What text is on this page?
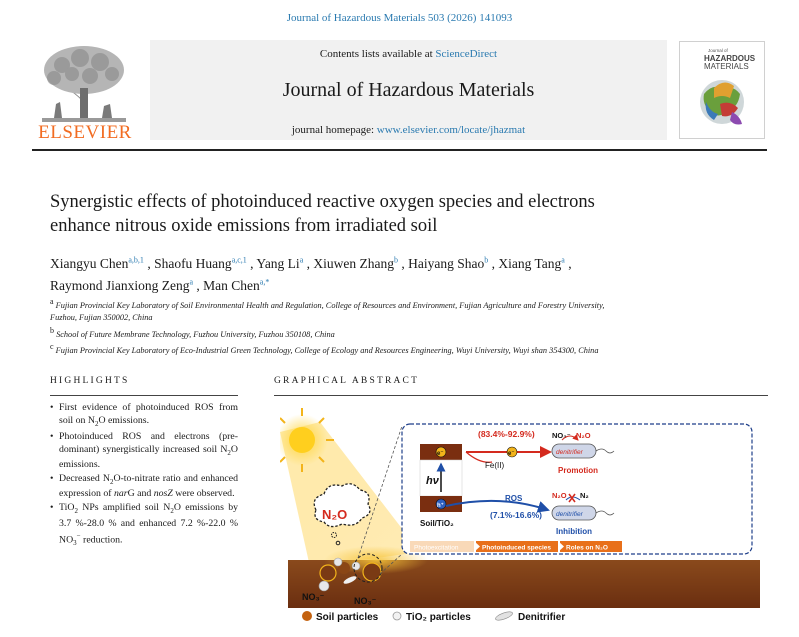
Journal of Hazardous Materials 503 (2026) 141093
ELSEVIER
Contents lists available at ScienceDirect
Journal of Hazardous Materials
journal homepage: www.elsevier.com/locate/jhazmat
Journal of
HAZARDOUS
MATERIALS
Synergistic effects of photoinduced reactive oxygen species and electrons
enhance nitrous oxide emissions from irradiated soil
Xiangyu Chen$^{a,b,1}$ , Shaofu Huang$^{a,c,1}$ , Yang Li$^a$ , Xiuwen Zhang$^b$ , Haiyang Shao$^b$ , Xiang Tang$^a$ ,
Raymond Jianxiong Zeng$^a$ , Man Chen$^{a,*}$
$^a$ Fujian Provincial Key Laboratory of Soil Environmental Health and Regulation, College of Resources and Environment, Fujian Agriculture and Forestry University,
Fuzhou, Fujian 350002, China
$^b$ School of Future Membrane Technology, Fuzhou University, Fuzhou 350108, China
$^c$ Fujian Provincial Key Laboratory of Eco-Industrial Green Technology, College of Ecology and Resources Engineering, Wuyi University, Wuyi shan 354300, China
HIGHLIGHTS	GRAPHICAL ABSTRACT
• First evidence of photoinduced ROS from soil on $N_2O$ emissions.
• Photoinduced ROS and electrons (predominant) synergistically increased soil $N_2O$ emissions.
• Decreased $N_2O-to$-nitrate ratio and enhanced expression of narG and nosZ were observed.
• TiO$_2$ NPs amplified soil $N_2O$ emissions by 3.7 %-28.0 % and enhanced 7.2 %-22.0 % $NO_3^-$ reduction.
NO₃⁻	NO₃⁻
N₂O
e⁻
h⁺
hν
Soil/TiO₂
e⁻
(83.4%-92.9%)
Fe(II)
denitrifier
NO₃⁻ N₂O
Promotion
ROS
(7.1%-16.6%) denitrifier
N₂O N₂
Inhibition
Photoexcitation	Photoinduced species Roles on N₂O
Soil particles	TiO₂ particles	Denitrifier
